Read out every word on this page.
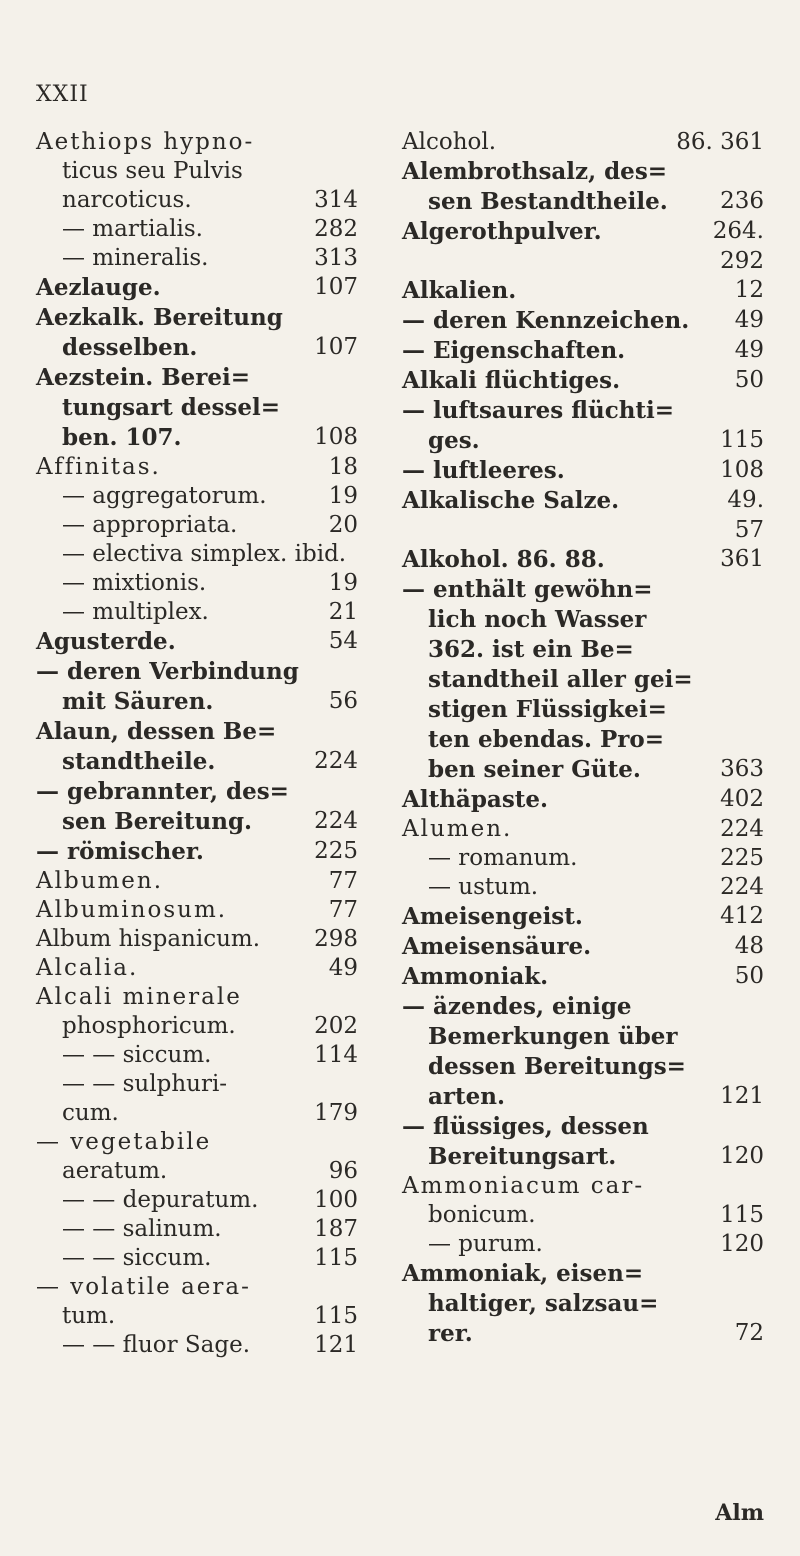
XXII
Aethiops hypno-
ticus seu Pulvis
narcoticus.	314
— martialis.	282
— mineralis.	313
Aezlauge.	107
Aezkalk. Bereitung
desselben.	107
Aezstein. Berei=
tungsart dessel=
ben. 107.	108
Affinitas.	18
— aggregatorum.	19
— appropriata.	20
— electiva simplex. ibid.
— mixtionis.	19
— multiplex.	21
Agusterde.	54
— deren Verbindung
mit Säuren.	56
Alaun, dessen Be=
standtheile.	224
— gebrannter, des=
sen Bereitung.	224
— römischer.	225
Albumen.	77
Albuminosum.	77
Album hispanicum. 298
Alcalia.	49
Alcali minerale
phosphoricum.	202
— — siccum.	114
— — sulphuri-
cum.	179
— vegetabile
aeratum.	96
— — depuratum. 100
— — salinum.	187
— — siccum.	115
— volatile aera-
tum.	115
— — fluor Sage.	121
Alcohol.	86. 361
Alembrothsalz, des=
sen Bestandtheile. 236
Algerothpulver.	264.
292
Alkalien.	12
— deren Kennzeichen. 49
— Eigenschaften.	49
Alkali flüchtiges.	50
— luftsaures flüchti=
ges.	115
— luftleeres.	108
Alkalische Salze.	49.
57
Alkohol. 86. 88.	361
— enthält gewöhn=
lich noch Wasser
362. ist ein Be=
standtheil aller gei=
stigen Flüssigkei=
ten ebendas. Pro=
ben seiner Güte.	363
Althäpaste.	402
Alumen.	224
— romanum.	225
— ustum.	224
Ameisengeist.	412
Ameisensäure.	48
Ammoniak.	50
— äzendes, einige
Bemerkungen über
dessen Bereitungs=
arten.	121
— flüssiges, dessen
Bereitungsart.	120
Ammoniacum car-
bonicum.	115
— purum.	120
Ammoniak, eisen=
haltiger, salzsau=
rer.	72
Alm
